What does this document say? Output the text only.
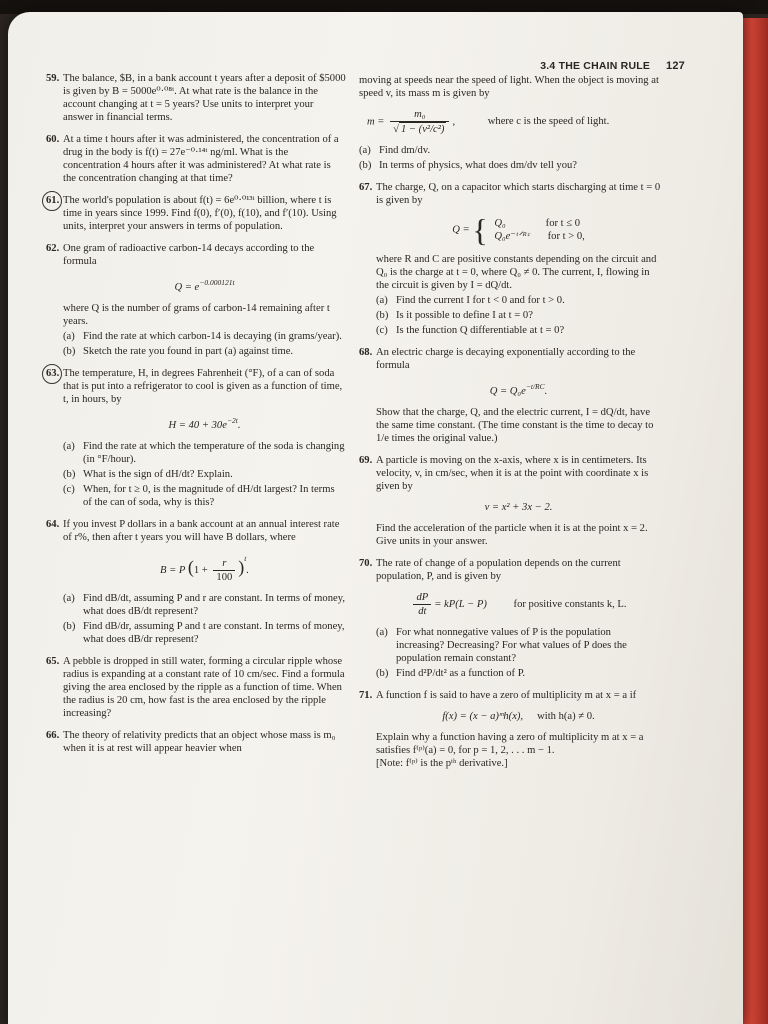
3.4 THE CHAIN RULE 127
59. The balance, $B, in a bank account t years after a deposit of $5000 is given by B = 5000e⁰·⁰⁸ᵗ. At what rate is the balance in the account changing at t = 5 years? Use units to interpret your answer in financial terms.
60. At a time t hours after it was administered, the concentration of a drug in the body is f(t) = 27e⁻⁰·¹⁴ᵗ ng/ml. What is the concentration 4 hours after it was administered? At what rate is the concentration changing at that time?
61. The world's population is about f(t) = 6e⁰·⁰¹³ᵗ billion, where t is time in years since 1999. Find f(0), f′(0), f(10), and f′(10). Using units, interpret your answers in terms of population.
62. One gram of radioactive carbon-14 decays according to the formula
$Q = e^{-0.000121t}$
where Q is the number of grams of carbon-14 remaining after t years.
(a) Find the rate at which carbon-14 is decaying (in grams/year).
(b) Sketch the rate you found in part (a) against time.
63. The temperature, H, in degrees Fahrenheit (°F), of a can of soda that is put into a refrigerator to cool is given as a function of time, t, in hours, by
$H = 40 + 30e^{-2t}$.
(a) Find the rate at which the temperature of the soda is changing (in °F/hour).
(b) What is the sign of dH/dt? Explain.
(c) When, for t ≥ 0, is the magnitude of dH/dt largest? In terms of the can of soda, why is this?
64. If you invest P dollars in a bank account at an annual interest rate of r%, then after t years you will have B dollars, where
B = P $(1 + \frac{r}{100} )^t$.
(a) Find dB/dt, assuming P and r are constant. In terms of money, what does dB/dt represent?
(b) Find dB/dr, assuming P and t are constant. In terms of money, what does dB/dr represent?
65. A pebble is dropped in still water, forming a circular ripple whose radius is expanding at a constant rate of 10 cm/sec. Find a formula giving the area enclosed by the ripple as a function of time. When the radius is 20 cm, how fast is the area enclosed by the ripple increasing?
66. The theory of relativity predicts that an object whose mass is m₀ when it is at rest will appear heavier when
moving at speeds near the speed of light. When the object is moving at speed v, its mass m is given by
$m = \frac{\text{m₀}}{\text{√ 1 − (v²/c²)}}$ ,	where c is the speed of light.
(a) Find dm/dv.
(b) In terms of physics, what does dm/dv tell you?
67. The charge, Q, on a capacitor which starts discharging at time t = 0 is given by
Q = { Q₀	for t ≤ 0
Q₀e⁻ᵗᐟᴿᶜ for t > 0,
where R and C are positive constants depending on the circuit and Q₀ is the charge at t = 0, where Q₀ ≠ 0. The current, I, flowing in the circuit is given by I = dQ/dt.
(a) Find the current I for t < 0 and for t > 0.
(b) Is it possible to define I at t = 0?
(c) Is the function Q differentiable at t = 0?
68. An electric charge is decaying exponentially according to the formula
$Q = Q_0e^{-t/RC}$.
Show that the charge, Q, and the electric current, I = dQ/dt, have the same time constant. (The time constant is the time to decay to 1/e times the original value.)
69. A particle is moving on the x-axis, where x is in centimeters. Its velocity, v, in cm/sec, when it is at the point with coordinate x is given by
v = x² + 3x − 2.
Find the acceleration of the particle when it is at the point x = 2. Give units in your answer.
70. The rate of change of a population depends on the current population, P, and is given by
$\frac{dP}{dt} = kP(L - P)$	for positive constants k, L.
(a) For what nonnegative values of P is the population increasing? Decreasing? For what values of P does the population remain constant?
(b) Find d²P/dt² as a function of P.
71. A function f is said to have a zero of multiplicity m at x = a if
f(x) = (x − a)ᵐh(x), with h(a) ≠ 0.
Explain why a function having a zero of multiplicity m at x = a satisfies f⁽ᵖ⁾(a) = 0, for p = 1, 2, . . . m − 1.
[Note: f⁽ᵖ⁾ is the pᵗʰ derivative.]
